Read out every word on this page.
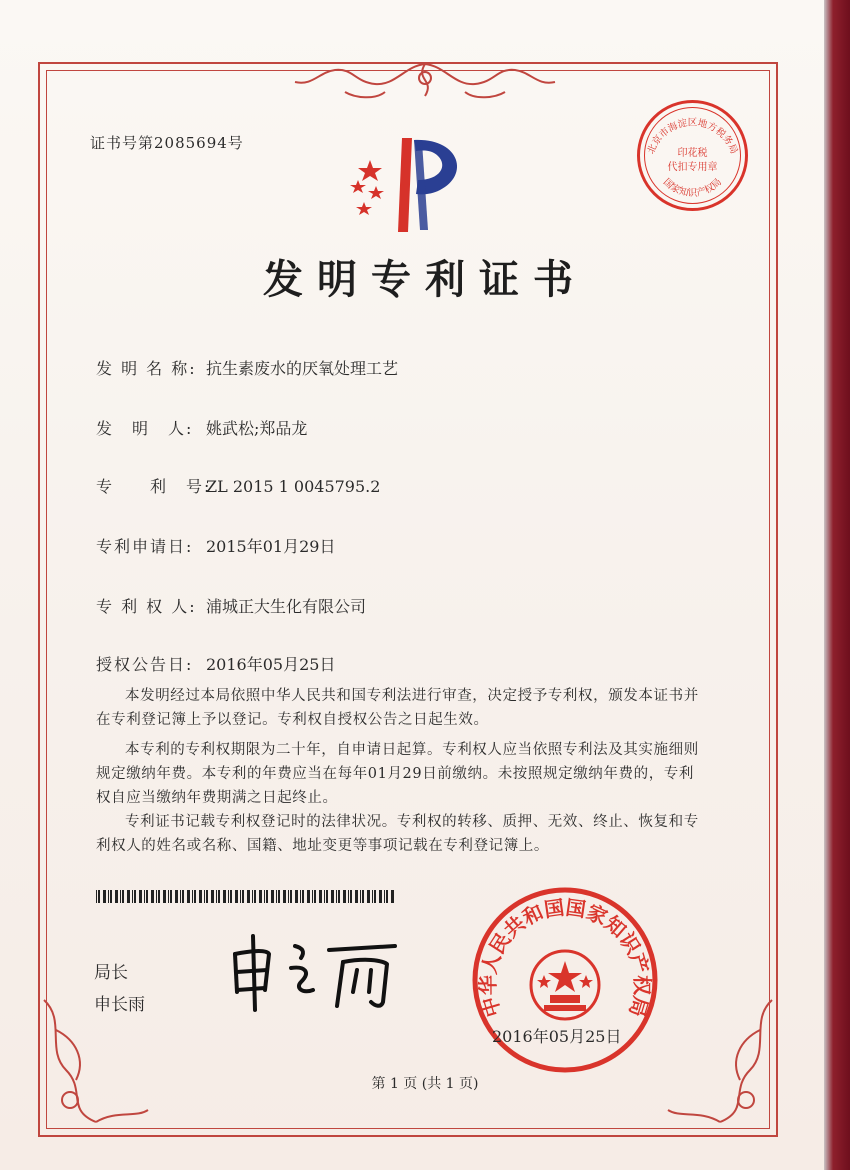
证书号第2085694号
发明专利证书
发 明 名 称: 抗生素废水的厌氧处理工艺
发　明　人: 姚武松;郑品龙
专　　利　号:ZL 2015 1 0045795.2
专利申请日: 2015年01月29日
专 利 权 人: 浦城正大生化有限公司
授权公告日: 2016年05月25日

本发明经过本局依照中华人民共和国专利法进行审查，决定授予专利权，颁发本证书并在专利登记簿上予以登记。专利权自授权公告之日起生效。

本专利的专利权期限为二十年，自申请日起算。专利权人应当依照专利法及其实施细则规定缴纳年费。本专利的年费应当在每年01月29日前缴纳。未按照规定缴纳年费的，专利权自应当缴纳年费期满之日起终止。

专利证书记载专利权登记时的法律状况。专利权的转移、质押、无效、终止、恢复和专利权人的姓名或名称、国籍、地址变更等事项记载在专利登记簿上。

局长
申长雨
北京市海淀区地方税务局
印花税
代扣专用章
国家知识产权局
中华人民共和国国家知识产权局
2016年05月25日
第 1 页 (共 1 页)
